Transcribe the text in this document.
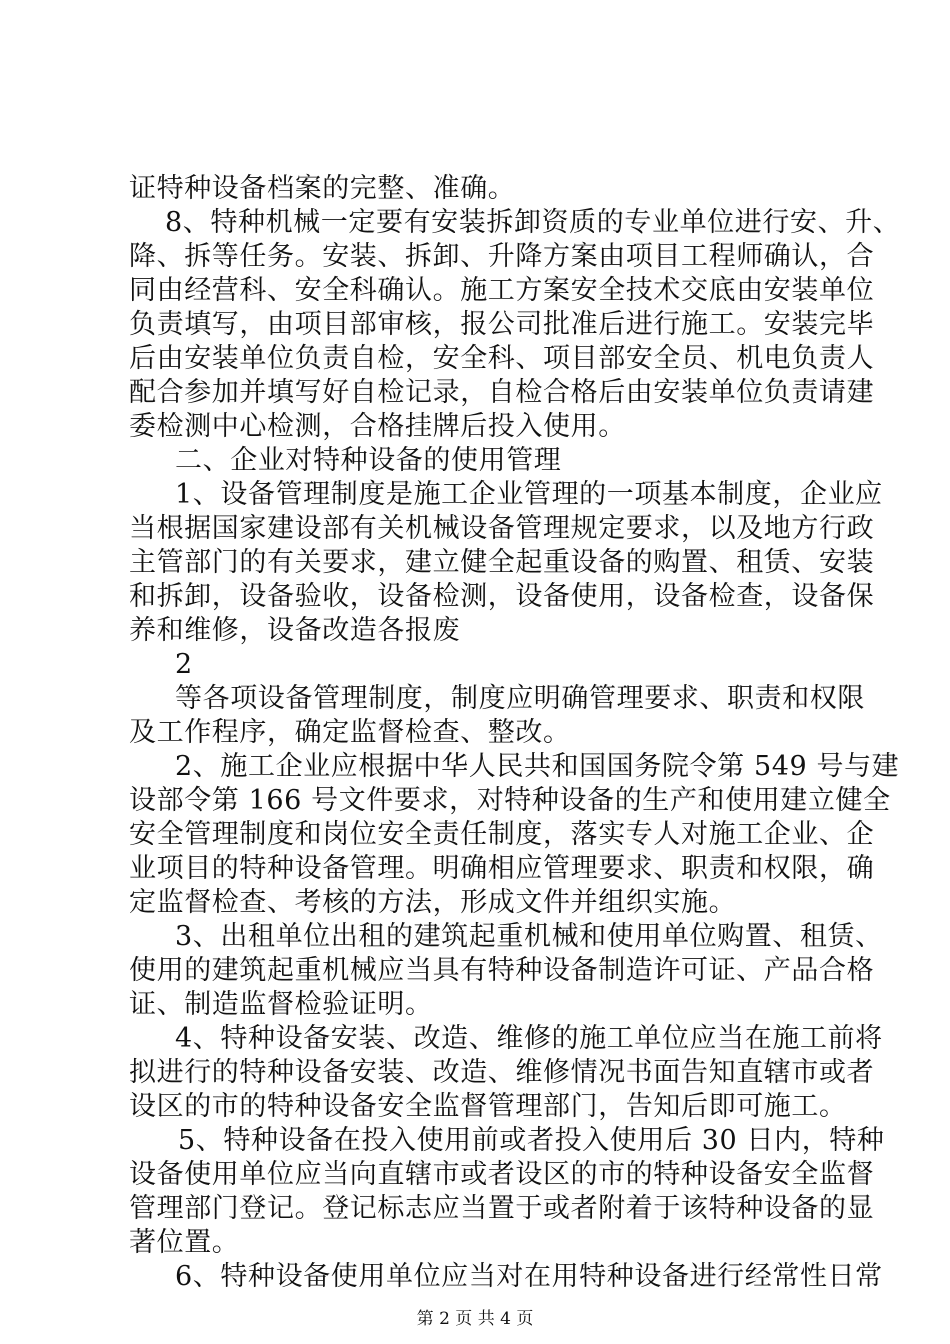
证特种设备档案的完整、准确。
8、特种机械一定要有安装拆卸资质的专业单位进行安、升、
降、拆等任务。安装、拆卸、升降方案由项目工程师确认，合
同由经营科、安全科确认。施工方案安全技术交底由安装单位
负责填写，由项目部审核，报公司批准后进行施工。安装完毕
后由安装单位负责自检，安全科、项目部安全员、机电负责人
配合参加并填写好自检记录，自检合格后由安装单位负责请建
委检测中心检测，合格挂牌后投入使用。
二、企业对特种设备的使用管理
1、设备管理制度是施工企业管理的一项基本制度，企业应
当根据国家建设部有关机械设备管理规定要求，以及地方行政
主管部门的有关要求，建立健全起重设备的购置、租赁、安装
和拆卸，设备验收，设备检测，设备使用，设备检查，设备保
养和维修，设备改造各报废
2
等各项设备管理制度，制度应明确管理要求、职责和权限
及工作程序，确定监督检查、整改。
2、施工企业应根据中华人民共和国国务院令第 549 号与建
设部令第 166 号文件要求，对特种设备的生产和使用建立健全
安全管理制度和岗位安全责任制度，落实专人对施工企业、企
业项目的特种设备管理。明确相应管理要求、职责和权限，确
定监督检查、考核的方法，形成文件并组织实施。
3、出租单位出租的建筑起重机械和使用单位购置、租赁、
使用的建筑起重机械应当具有特种设备制造许可证、产品合格
证、制造监督检验证明。
4、特种设备安装、改造、维修的施工单位应当在施工前将
拟进行的特种设备安装、改造、维修情况书面告知直辖市或者
设区的市的特种设备安全监督管理部门，告知后即可施工。
5、特种设备在投入使用前或者投入使用后 30 日内，特种
设备使用单位应当向直辖市或者设区的市的特种设备安全监督
管理部门登记。登记标志应当置于或者附着于该特种设备的显
著位置。
6、特种设备使用单位应当对在用特种设备进行经常性日常
第 2 页 共 4 页
